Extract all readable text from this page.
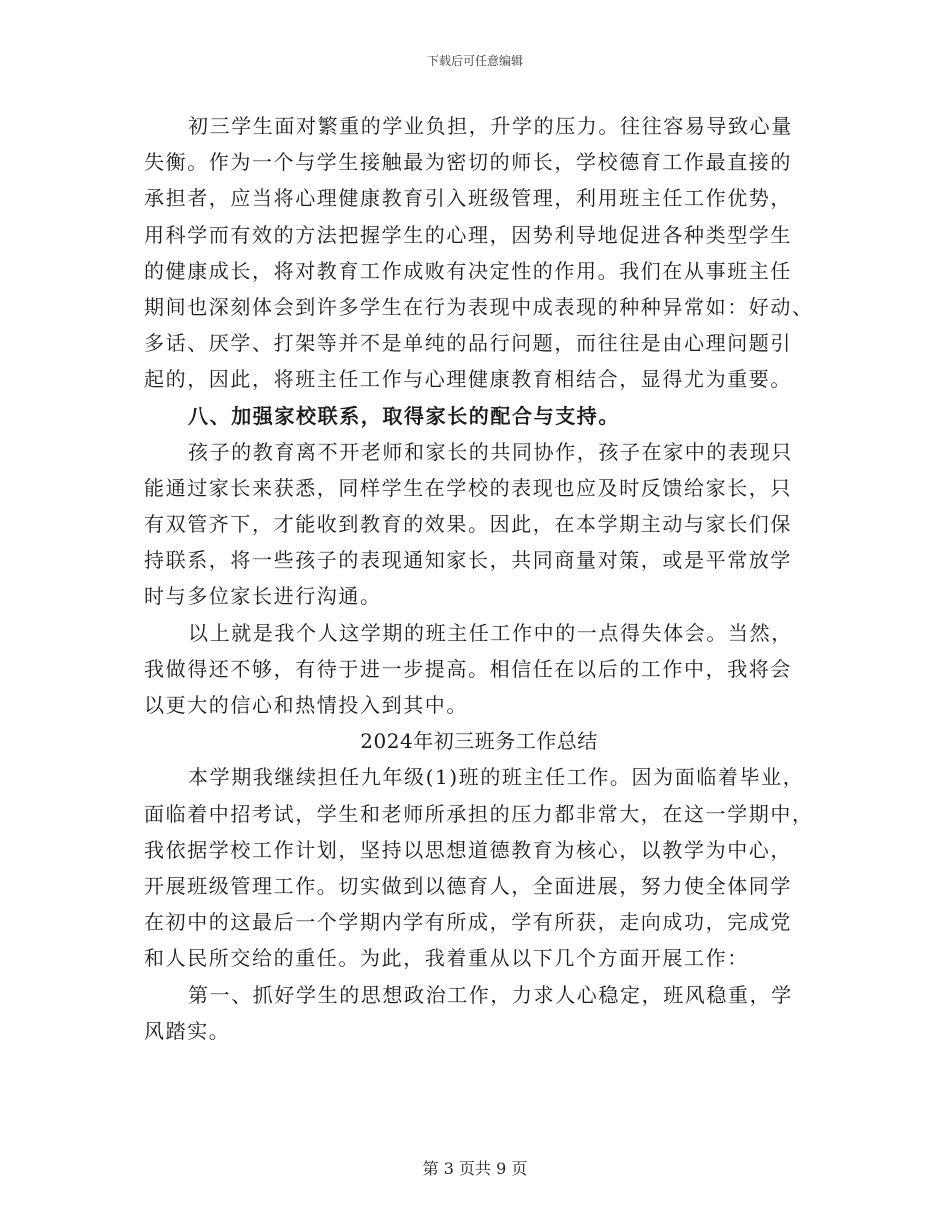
下载后可任意编辑
初三学生面对繁重的学业负担，升学的压力。往往容易导致心量
失衡。作为一个与学生接触最为密切的师长，学校德育工作最直接的
承担者，应当将心理健康教育引入班级管理，利用班主任工作优势，
用科学而有效的方法把握学生的心理，因势利导地促进各种类型学生
的健康成长，将对教育工作成败有决定性的作用。我们在从事班主任
期间也深刻体会到许多学生在行为表现中成表现的种种异常如：好动、
多话、厌学、打架等并不是单纯的品行问题，而往往是由心理问题引
起的，因此，将班主任工作与心理健康教育相结合，显得尤为重要。
八、加强家校联系，取得家长的配合与支持。
孩子的教育离不开老师和家长的共同协作，孩子在家中的表现只
能通过家长来获悉，同样学生在学校的表现也应及时反馈给家长，只
有双管齐下，才能收到教育的效果。因此，在本学期主动与家长们保
持联系，将一些孩子的表现通知家长，共同商量对策，或是平常放学
时与多位家长进行沟通。
以上就是我个人这学期的班主任工作中的一点得失体会。当然，
我做得还不够，有待于进一步提高。相信任在以后的工作中，我将会
以更大的信心和热情投入到其中。
2024年初三班务工作总结
本学期我继续担任九年级(1)班的班主任工作。因为面临着毕业，
面临着中招考试，学生和老师所承担的压力都非常大，在这一学期中，
我依据学校工作计划，坚持以思想道德教育为核心，以教学为中心，
开展班级管理工作。切实做到以德育人，全面进展，努力使全体同学
在初中的这最后一个学期内学有所成，学有所获，走向成功，完成党
和人民所交给的重任。为此，我着重从以下几个方面开展工作：
第一、抓好学生的思想政治工作，力求人心稳定，班风稳重，学
风踏实。
第 3 页共 9 页
